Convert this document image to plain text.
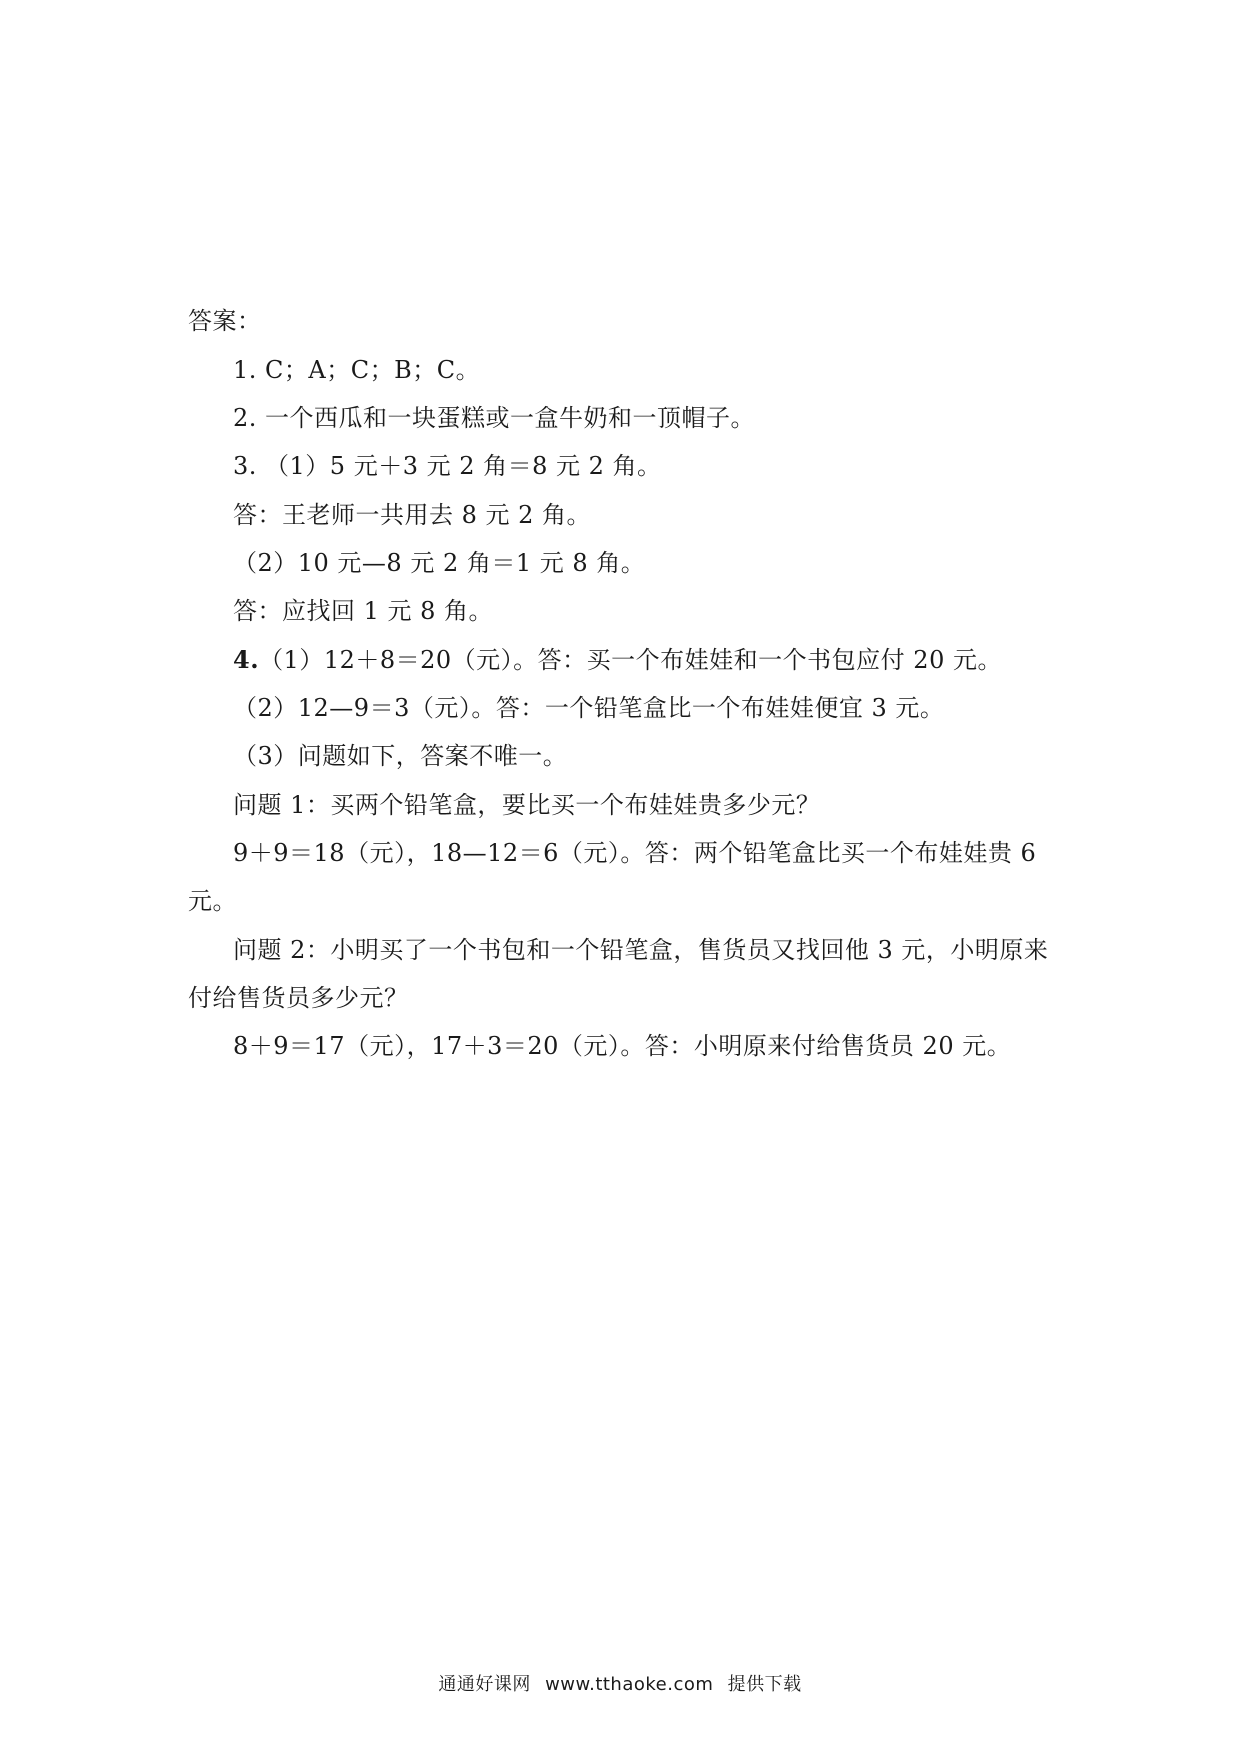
答案：
1. C；A；C；B；C。
2. 一个西瓜和一块蛋糕或一盒牛奶和一顶帽子。
3. （1）5 元＋3 元 2 角＝8 元 2 角。
答：王老师一共用去 8 元 2 角。
（2）10 元—8 元 2 角＝1 元 8 角。
答：应找回 1 元 8 角。
4.（1）12＋8＝20（元）。答：买一个布娃娃和一个书包应付 20 元。
（2）12—9＝3（元）。答：一个铅笔盒比一个布娃娃便宜 3 元。
（3）问题如下，答案不唯一。
问题 1：买两个铅笔盒，要比买一个布娃娃贵多少元？
9＋9＝18（元），18—12＝6（元）。答：两个铅笔盒比买一个布娃娃贵 6
元。
问题 2：小明买了一个书包和一个铅笔盒，售货员又找回他 3 元，小明原来
付给售货员多少元？
8＋9＝17（元），17＋3＝20（元）。答：小明原来付给售货员 20 元。
通通好课网 www.tthaoke.com 提供下载
